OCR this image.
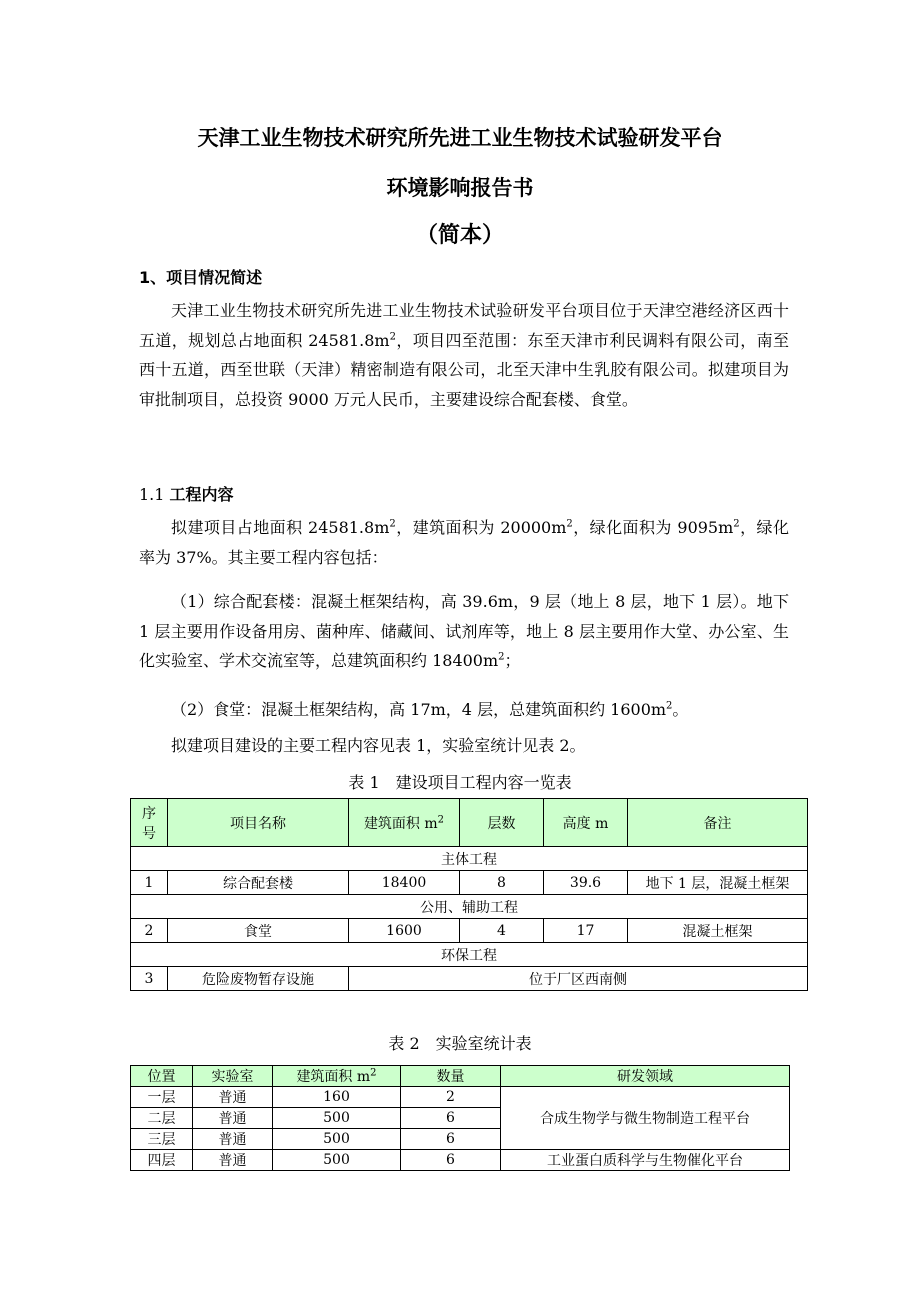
天津工业生物技术研究所先进工业生物技术试验研发平台
环境影响报告书
（简本）
1、项目情况简述

天津工业生物技术研究所先进工业生物技术试验研发平台项目位于天津空港经济区西十五道，规划总占地面积 $24581.8m^2$，项目四至范围：东至天津市利民调料有限公司，南至西十五道，西至世联（天津）精密制造有限公司，北至天津中生乳胶有限公司。拟建项目为审批制项目，总投资 9000 万元人民币，主要建设综合配套楼、食堂。

1.1 工程内容

拟建项目占地面积 $24581.8m^2$，建筑面积为 $20000m^2$，绿化面积为 $9095m^2$，绿化率为 37%。其主要工程内容包括：

（1）综合配套楼：混凝土框架结构，高 39.6m，9 层（地上 8 层，地下 1 层）。地下 1 层主要用作设备用房、菌种库、储藏间、试剂库等，地上 8 层主要用作大堂、办公室、生化实验室、学术交流室等，总建筑面积约 $18400m^2$；

（2）食堂：混凝土框架结构，高 17m，4 层，总建筑面积约 $1600m^2$。

拟建项目建设的主要工程内容见表 1，实验室统计见表 2。

表 1　建设项目工程内容一览表
序号	项目名称	建筑面积 $m^2$	层数	高度 m	备注
主体工程					
1	综合配套楼	18400	8	39.6	地下 1 层，混凝土框架
公用、辅助工程					
2	食堂	1600	4	17	混凝土框架
环保工程					
3	危险废物暂存设施	位于厂区西南侧			
表 2　实验室统计表
位置	实验室	建筑面积 $m^2$	数量	研发领域
一层	普通	160	2	合成生物学与微生物制造工程平台
二层	普通	500	6	
三层	普通	500	6	
四层	普通	500	6	工业蛋白质科学与生物催化平台
